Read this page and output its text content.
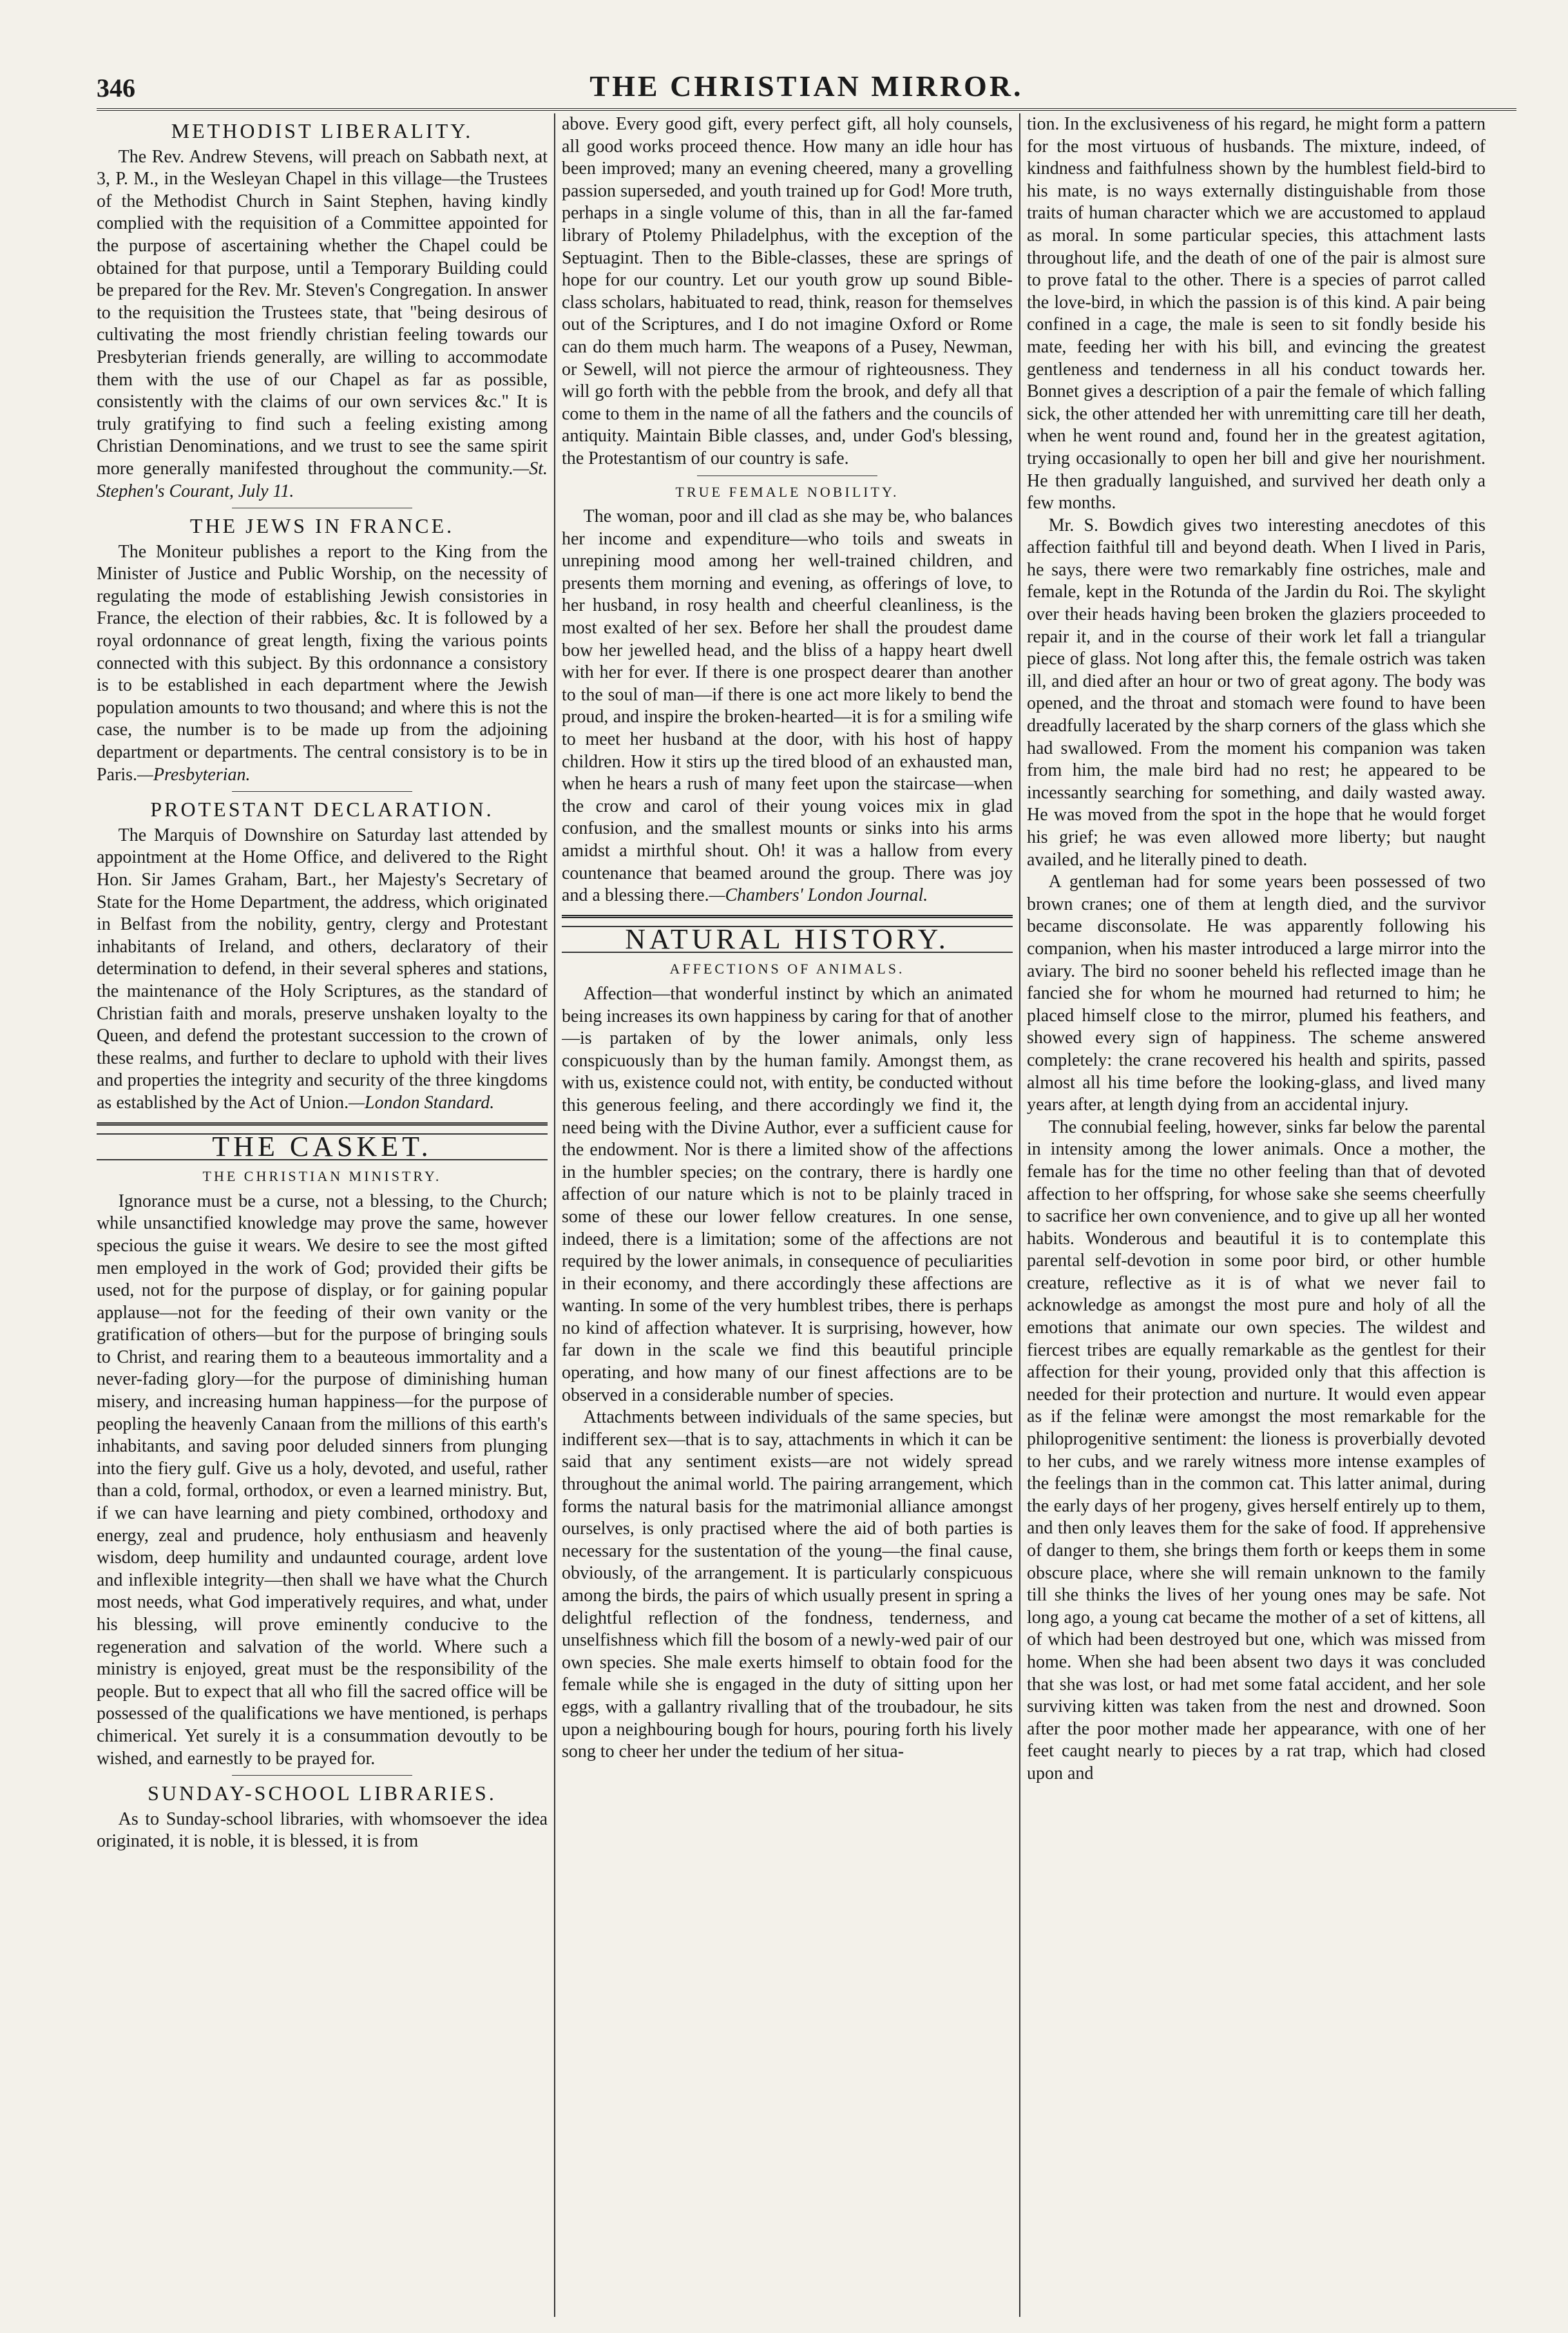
346	THE CHRISTIAN MIRROR.
METHODIST LIBERALITY.

The Rev. Andrew Stevens, will preach on Sabbath next, at 3, P. M., in the Wesleyan Chapel in this village—the Trustees of the Methodist Church in Saint Stephen, having kindly complied with the requisition of a Committee appointed for the purpose of ascertaining whether the Chapel could be obtained for that purpose, until a Temporary Building could be prepared for the Rev. Mr. Steven's Congregation. In answer to the requisition the Trustees state, that "being desirous of cultivating the most friendly christian feeling towards our Presbyterian friends generally, are willing to accommodate them with the use of our Chapel as far as possible, consistently with the claims of our own services &c." It is truly gratifying to find such a feeling existing among Christian Denominations, and we trust to see the same spirit more generally manifested throughout the community.—St. Stephen's Courant, July 11.

THE JEWS IN FRANCE.

The Moniteur publishes a report to the King from the Minister of Justice and Public Worship, on the necessity of regulating the mode of establishing Jewish consistories in France, the election of their rabbies, &c. It is followed by a royal ordonnance of great length, fixing the various points connected with this subject. By this ordonnance a consistory is to be established in each department where the Jewish population amounts to two thousand; and where this is not the case, the number is to be made up from the adjoining department or departments. The central consistory is to be in Paris.—Presbyterian.

PROTESTANT DECLARATION.

The Marquis of Downshire on Saturday last attended by appointment at the Home Office, and delivered to the Right Hon. Sir James Graham, Bart., her Majesty's Secretary of State for the Home Department, the address, which originated in Belfast from the nobility, gentry, clergy and Protestant inhabitants of Ireland, and others, declaratory of their determination to defend, in their several spheres and stations, the maintenance of the Holy Scriptures, as the standard of Christian faith and morals, preserve unshaken loyalty to the Queen, and defend the protestant succession to the crown of these realms, and further to declare to uphold with their lives and properties the integrity and security of the three kingdoms as established by the Act of Union.—London Standard.

THE CASKET.
THE CHRISTIAN MINISTRY.

Ignorance must be a curse, not a blessing, to the Church; while unsanctified knowledge may prove the same, however specious the guise it wears. We desire to see the most gifted men employed in the work of God; provided their gifts be used, not for the purpose of display, or for gaining popular applause—not for the feeding of their own vanity or the gratification of others—but for the purpose of bringing souls to Christ, and rearing them to a beauteous immortality and a never-fading glory—for the purpose of diminishing human misery, and increasing human happiness—for the purpose of peopling the heavenly Canaan from the millions of this earth's inhabitants, and saving poor deluded sinners from plunging into the fiery gulf. Give us a holy, devoted, and useful, rather than a cold, formal, orthodox, or even a learned ministry. But, if we can have learning and piety combined, orthodoxy and energy, zeal and prudence, holy enthusiasm and heavenly wisdom, deep humility and undaunted courage, ardent love and inflexible integrity—then shall we have what the Church most needs, what God imperatively requires, and what, under his blessing, will prove eminently conducive to the regeneration and salvation of the world. Where such a ministry is enjoyed, great must be the responsibility of the people. But to expect that all who fill the sacred office will be possessed of the qualifications we have mentioned, is perhaps chimerical. Yet surely it is a consummation devoutly to be wished, and earnestly to be prayed for.

SUNDAY-SCHOOL LIBRARIES.

As to Sunday-school libraries, with whomsoever the idea originated, it is noble, it is blessed, it is from

above. Every good gift, every perfect gift, all holy counsels, all good works proceed thence. How many an idle hour has been improved; many an evening cheered, many a grovelling passion superseded, and youth trained up for God! More truth, perhaps in a single volume of this, than in all the far-famed library of Ptolemy Philadelphus, with the exception of the Septuagint. Then to the Bible-classes, these are springs of hope for our country. Let our youth grow up sound Bible-class scholars, habituated to read, think, reason for themselves out of the Scriptures, and I do not imagine Oxford or Rome can do them much harm. The weapons of a Pusey, Newman, or Sewell, will not pierce the armour of righteousness. They will go forth with the pebble from the brook, and defy all that come to them in the name of all the fathers and the councils of antiquity. Maintain Bible classes, and, under God's blessing, the Protestantism of our country is safe.

TRUE FEMALE NOBILITY.

The woman, poor and ill clad as she may be, who balances her income and expenditure—who toils and sweats in unrepining mood among her well-trained children, and presents them morning and evening, as offerings of love, to her husband, in rosy health and cheerful cleanliness, is the most exalted of her sex. Before her shall the proudest dame bow her jewelled head, and the bliss of a happy heart dwell with her for ever. If there is one prospect dearer than another to the soul of man—if there is one act more likely to bend the proud, and inspire the broken-hearted—it is for a smiling wife to meet her husband at the door, with his host of happy children. How it stirs up the tired blood of an exhausted man, when he hears a rush of many feet upon the staircase—when the crow and carol of their young voices mix in glad confusion, and the smallest mounts or sinks into his arms amidst a mirthful shout. Oh! it was a hallow from every countenance that beamed around the group. There was joy and a blessing there.—Chambers' London Journal.

NATURAL HISTORY.
AFFECTIONS OF ANIMALS.

Affection—that wonderful instinct by which an animated being increases its own happiness by caring for that of another—is partaken of by the lower animals, only less conspicuously than by the human family. Amongst them, as with us, existence could not, with entity, be conducted without this generous feeling, and there accordingly we find it, the need being with the Divine Author, ever a sufficient cause for the endowment. Nor is there a limited show of the affections in the humbler species; on the contrary, there is hardly one affection of our nature which is not to be plainly traced in some of these our lower fellow creatures. In one sense, indeed, there is a limitation; some of the affections are not required by the lower animals, in consequence of peculiarities in their economy, and there accordingly these affections are wanting. In some of the very humblest tribes, there is perhaps no kind of affection whatever. It is surprising, however, how far down in the scale we find this beautiful principle operating, and how many of our finest affections are to be observed in a considerable number of species.

Attachments between individuals of the same species, but indifferent sex—that is to say, attachments in which it can be said that any sentiment exists—are not widely spread throughout the animal world. The pairing arrangement, which forms the natural basis for the matrimonial alliance amongst ourselves, is only practised where the aid of both parties is necessary for the sustentation of the young—the final cause, obviously, of the arrangement. It is particularly conspicuous among the birds, the pairs of which usually present in spring a delightful reflection of the fondness, tenderness, and unselfishness which fill the bosom of a newly-wed pair of our own species. She male exerts himself to obtain food for the female while she is engaged in the duty of sitting upon her eggs, with a gallantry rivalling that of the troubadour, he sits upon a neighbouring bough for hours, pouring forth his lively song to cheer her under the tedium of her situa-

tion. In the exclusiveness of his regard, he might form a pattern for the most virtuous of husbands. The mixture, indeed, of kindness and faithfulness shown by the humblest field-bird to his mate, is no ways externally distinguishable from those traits of human character which we are accustomed to applaud as moral. In some particular species, this attachment lasts throughout life, and the death of one of the pair is almost sure to prove fatal to the other. There is a species of parrot called the love-bird, in which the passion is of this kind. A pair being confined in a cage, the male is seen to sit fondly beside his mate, feeding her with his bill, and evincing the greatest gentleness and tenderness in all his conduct towards her. Bonnet gives a description of a pair the female of which falling sick, the other attended her with unremitting care till her death, when he went round and, found her in the greatest agitation, trying occasionally to open her bill and give her nourishment. He then gradually languished, and survived her death only a few months.

Mr. S. Bowdich gives two interesting anecdotes of this affection faithful till and beyond death. When I lived in Paris, he says, there were two remarkably fine ostriches, male and female, kept in the Rotunda of the Jardin du Roi. The skylight over their heads having been broken the glaziers proceeded to repair it, and in the course of their work let fall a triangular piece of glass. Not long after this, the female ostrich was taken ill, and died after an hour or two of great agony. The body was opened, and the throat and stomach were found to have been dreadfully lacerated by the sharp corners of the glass which she had swallowed. From the moment his companion was taken from him, the male bird had no rest; he appeared to be incessantly searching for something, and daily wasted away. He was moved from the spot in the hope that he would forget his grief; he was even allowed more liberty; but naught availed, and he literally pined to death.

A gentleman had for some years been possessed of two brown cranes; one of them at length died, and the survivor became disconsolate. He was apparently following his companion, when his master introduced a large mirror into the aviary. The bird no sooner beheld his reflected image than he fancied she for whom he mourned had returned to him; he placed himself close to the mirror, plumed his feathers, and showed every sign of happiness. The scheme answered completely: the crane recovered his health and spirits, passed almost all his time before the looking-glass, and lived many years after, at length dying from an accidental injury.

The connubial feeling, however, sinks far below the parental in intensity among the lower animals. Once a mother, the female has for the time no other feeling than that of devoted affection to her offspring, for whose sake she seems cheerfully to sacrifice her own convenience, and to give up all her wonted habits. Wonderous and beautiful it is to contemplate this parental self-devotion in some poor bird, or other humble creature, reflective as it is of what we never fail to acknowledge as amongst the most pure and holy of all the emotions that animate our own species. The wildest and fiercest tribes are equally remarkable as the gentlest for their affection for their young, provided only that this affection is needed for their protection and nurture. It would even appear as if the felinæ were amongst the most remarkable for the philoprogenitive sentiment: the lioness is proverbially devoted to her cubs, and we rarely witness more intense examples of the feelings than in the common cat. This latter animal, during the early days of her progeny, gives herself entirely up to them, and then only leaves them for the sake of food. If apprehensive of danger to them, she brings them forth or keeps them in some obscure place, where she will remain unknown to the family till she thinks the lives of her young ones may be safe. Not long ago, a young cat became the mother of a set of kittens, all of which had been destroyed but one, which was missed from home. When she had been absent two days it was concluded that she was lost, or had met some fatal accident, and her sole surviving kitten was taken from the nest and drowned. Soon after the poor mother made her appearance, with one of her feet caught nearly to pieces by a rat trap, which had closed upon and
